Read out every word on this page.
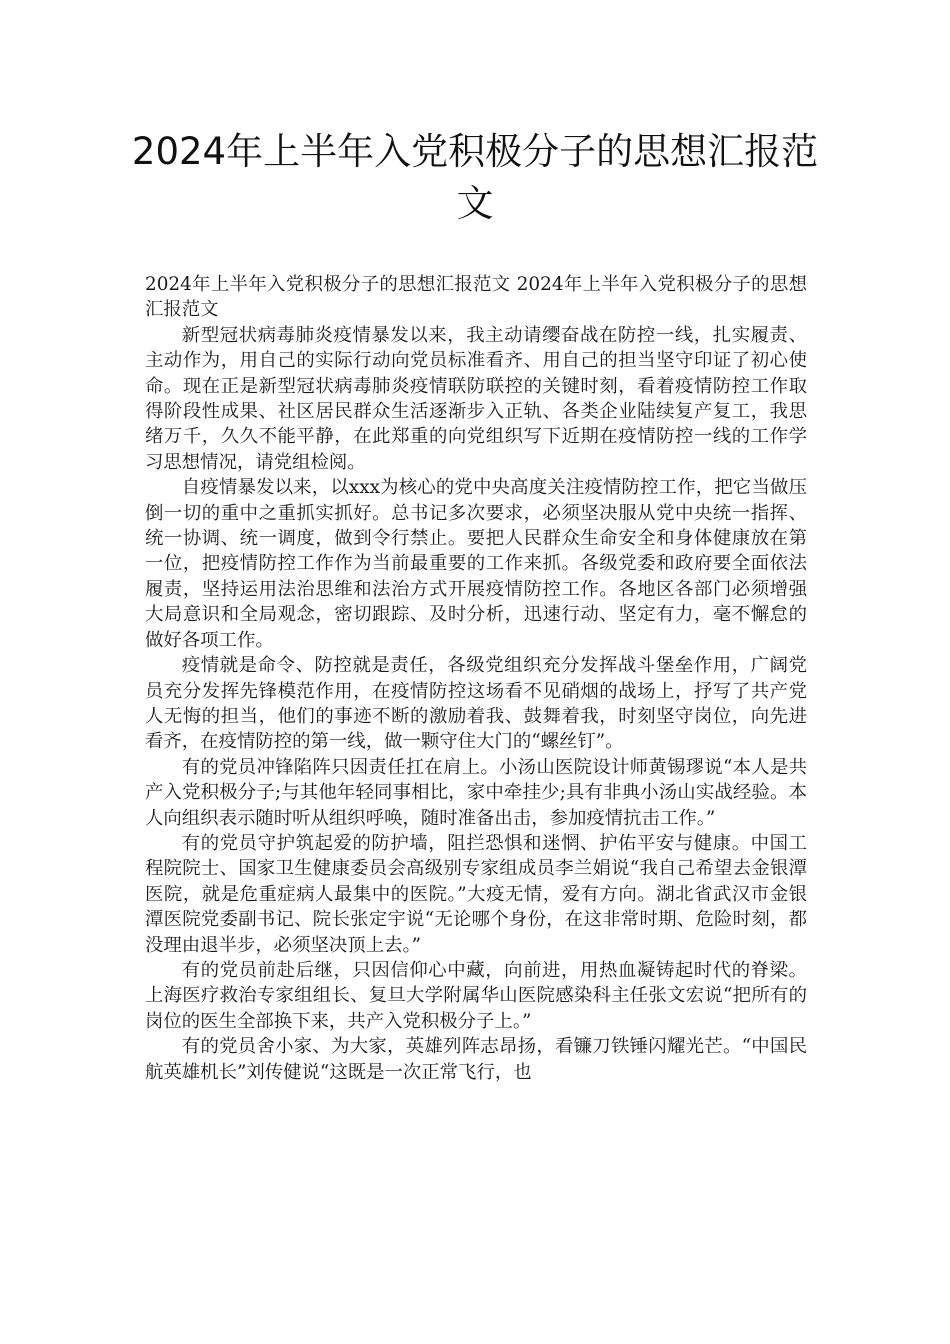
2024年上半年入党积极分子的思想汇报范文

2024年上半年入党积极分子的思想汇报范文 2024年上半年入党积极分子的思想汇报范文

新型冠状病毒肺炎疫情暴发以来，我主动请缨奋战在防控一线，扎实履责、主动作为，用自己的实际行动向党员标准看齐、用自己的担当坚守印证了初心使命。现在正是新型冠状病毒肺炎疫情联防联控的关键时刻，看着疫情防控工作取得阶段性成果、社区居民群众生活逐渐步入正轨、各类企业陆续复产复工，我思绪万千，久久不能平静，在此郑重的向党组织写下近期在疫情防控一线的工作学习思想情况，请党组检阅。

自疫情暴发以来，以xxx为核心的党中央高度关注疫情防控工作，把它当做压倒一切的重中之重抓实抓好。总书记多次要求，必须坚决服从党中央统一指挥、统一协调、统一调度，做到令行禁止。要把人民群众生命安全和身体健康放在第一位，把疫情防控工作作为当前最重要的工作来抓。各级党委和政府要全面依法履责，坚持运用法治思维和法治方式开展疫情防控工作。各地区各部门必须增强大局意识和全局观念，密切跟踪、及时分析，迅速行动、坚定有力，毫不懈怠的做好各项工作。

疫情就是命令、防控就是责任，各级党组织充分发挥战斗堡垒作用，广阔党员充分发挥先锋模范作用，在疫情防控这场看不见硝烟的战场上，抒写了共产党人无悔的担当，他们的事迹不断的激励着我、鼓舞着我，时刻坚守岗位，向先进看齐，在疫情防控的第一线，做一颗守住大门的“螺丝钉”。

有的党员冲锋陷阵只因责任扛在肩上。小汤山医院设计师黄锡璆说“本人是共产入党积极分子;与其他年轻同事相比，家中牵挂少;具有非典小汤山实战经验。本人向组织表示随时听从组织呼唤，随时准备出击，参加疫情抗击工作。”

有的党员守护筑起爱的防护墙，阻拦恐惧和迷惘、护佑平安与健康。中国工程院院士、国家卫生健康委员会高级别专家组成员李兰娟说“我自己希望去金银潭医院，就是危重症病人最集中的医院。”大疫无情，爱有方向。湖北省武汉市金银潭医院党委副书记、院长张定宇说“无论哪个身份，在这非常时期、危险时刻，都没理由退半步，必须坚决顶上去。”

有的党员前赴后继，只因信仰心中藏，向前进，用热血凝铸起时代的脊梁。上海医疗救治专家组组长、复旦大学附属华山医院感染科主任张文宏说“把所有的岗位的医生全部换下来，共产入党积极分子上。”

有的党员舍小家、为大家，英雄列阵志昂扬，看镰刀铁锤闪耀光芒。“中国民航英雄机长”刘传健说“这既是一次正常飞行，也
